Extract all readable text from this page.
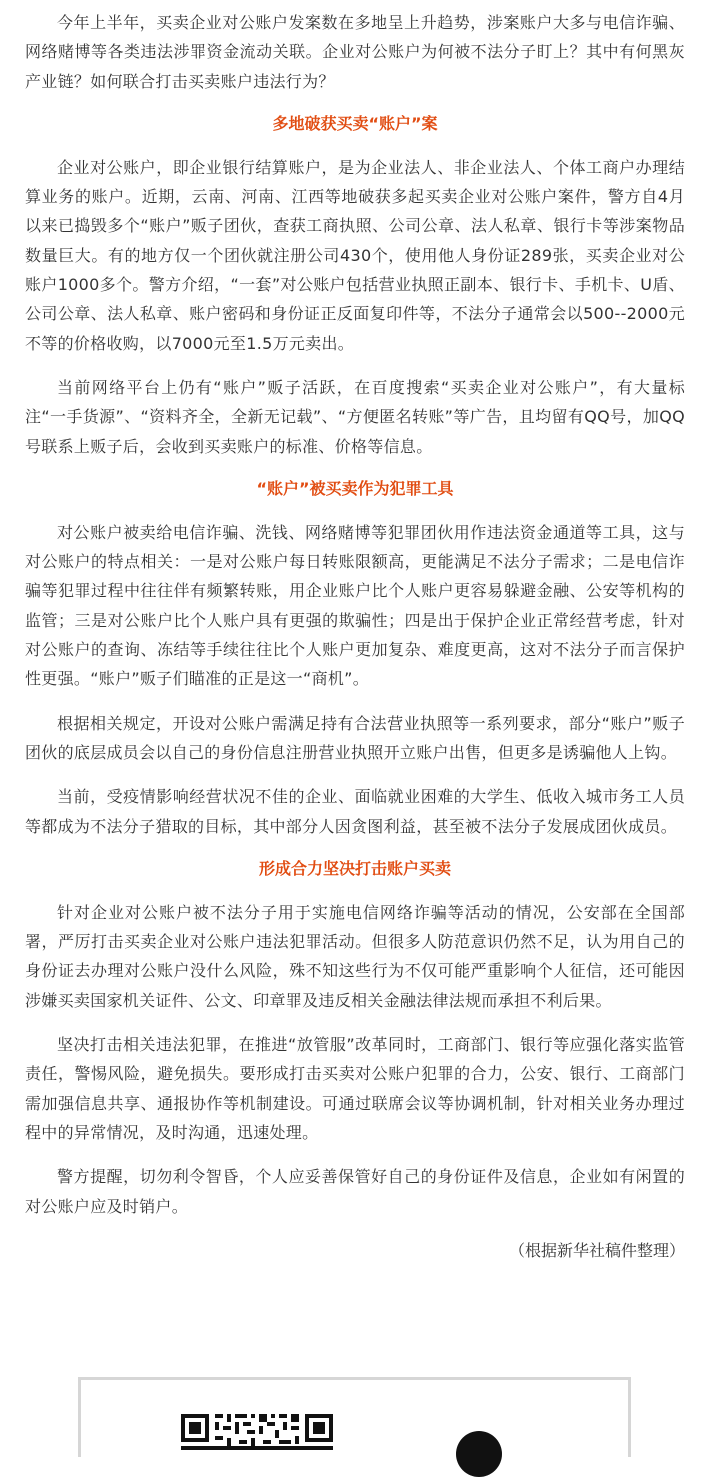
今年上半年，买卖企业对公账户发案数在多地呈上升趋势，涉案账户大多与电信诈骗、网络赌博等各类违法涉罪资金流动关联。企业对公账户为何被不法分子盯上？其中有何黑灰产业链？如何联合打击买卖账户违法行为？

多地破获买卖“账户”案

企业对公账户，即企业银行结算账户，是为企业法人、非企业法人、个体工商户办理结算业务的账户。近期，云南、河南、江西等地破获多起买卖企业对公账户案件，警方自4月以来已捣毁多个“账户”贩子团伙，查获工商执照、公司公章、法人私章、银行卡等涉案物品数量巨大。有的地方仅一个团伙就注册公司430个，使用他人身份证289张，买卖企业对公账户1000多个。警方介绍，“一套”对公账户包括营业执照正副本、银行卡、手机卡、U盾、公司公章、法人私章、账户密码和身份证正反面复印件等，不法分子通常会以500--2000元不等的价格收购，以7000元至1.5万元卖出。

当前网络平台上仍有“账户”贩子活跃，在百度搜索“买卖企业对公账户”，有大量标注“一手货源”、“资料齐全，全新无记载”、“方便匿名转账”等广告，且均留有QQ号，加QQ号联系上贩子后，会收到买卖账户的标准、价格等信息。

“账户”被买卖作为犯罪工具

对公账户被卖给电信诈骗、洗钱、网络赌博等犯罪团伙用作违法资金通道等工具，这与对公账户的特点相关：一是对公账户每日转账限额高，更能满足不法分子需求；二是电信诈骗等犯罪过程中往往伴有频繁转账，用企业账户比个人账户更容易躲避金融、公安等机构的监管；三是对公账户比个人账户具有更强的欺骗性；四是出于保护企业正常经营考虑，针对对公账户的查询、冻结等手续往往比个人账户更加复杂、难度更高，这对不法分子而言保护性更强。“账户”贩子们瞄准的正是这一“商机”。

根据相关规定，开设对公账户需满足持有合法营业执照等一系列要求，部分“账户”贩子团伙的底层成员会以自己的身份信息注册营业执照开立账户出售，但更多是诱骗他人上钩。

当前，受疫情影响经营状况不佳的企业、面临就业困难的大学生、低收入城市务工人员等都成为不法分子猎取的目标，其中部分人因贪图利益，甚至被不法分子发展成团伙成员。

形成合力坚决打击账户买卖

针对企业对公账户被不法分子用于实施电信网络诈骗等活动的情况，公安部在全国部署，严厉打击买卖企业对公账户违法犯罪活动。但很多人防范意识仍然不足，认为用自己的身份证去办理对公账户没什么风险，殊不知这些行为不仅可能严重影响个人征信，还可能因涉嫌买卖国家机关证件、公文、印章罪及违反相关金融法律法规而承担不利后果。

坚决打击相关违法犯罪，在推进“放管服”改革同时，工商部门、银行等应强化落实监管责任，警惕风险，避免损失。要形成打击买卖对公账户犯罪的合力，公安、银行、工商部门需加强信息共享、通报协作等机制建设。可通过联席会议等协调机制，针对相关业务办理过程中的异常情况，及时沟通，迅速处理。

警方提醒，切勿利令智昏，个人应妥善保管好自己的身份证件及信息，企业如有闲置的对公账户应及时销户。

（根据新华社稿件整理）
